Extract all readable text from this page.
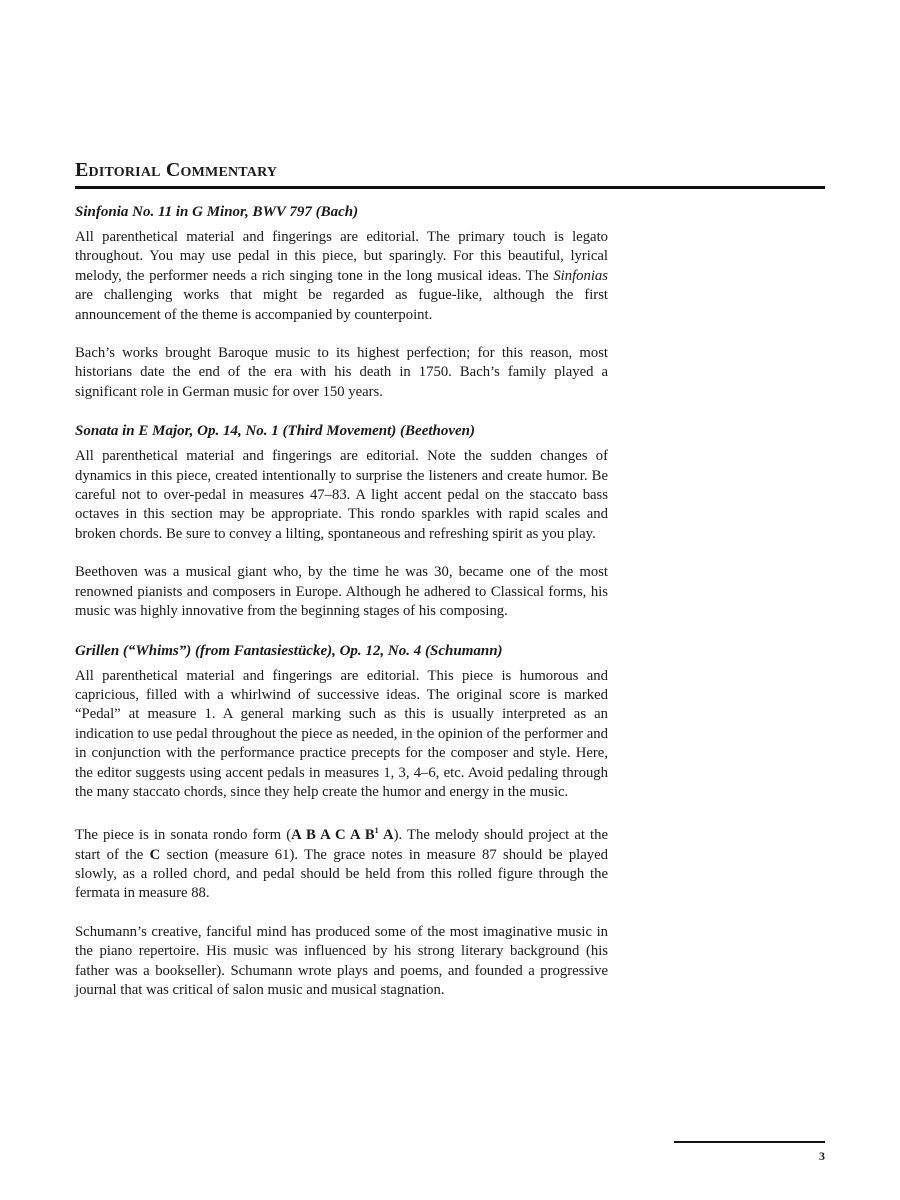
Editorial Commentary
Sinfonia No. 11 in G Minor, BWV 797 (Bach)

All parenthetical material and fingerings are editorial. The primary touch is legato throughout. You may use pedal in this piece, but sparingly. For this beautiful, lyrical melody, the performer needs a rich singing tone in the long musical ideas. The Sinfonias are challenging works that might be regarded as fugue-like, although the first announcement of the theme is accompanied by counterpoint.

Bach’s works brought Baroque music to its highest perfection; for this reason, most historians date the end of the era with his death in 1750. Bach’s family played a significant role in German music for over 150 years.

Sonata in E Major, Op. 14, No. 1 (Third Movement) (Beethoven)

All parenthetical material and fingerings are editorial. Note the sudden changes of dynamics in this piece, created intentionally to surprise the listeners and create humor. Be careful not to over-pedal in measures 47–83. A light accent pedal on the staccato bass octaves in this section may be appropriate. This rondo sparkles with rapid scales and broken chords. Be sure to convey a lilting, spontaneous and refreshing spirit as you play.

Beethoven was a musical giant who, by the time he was 30, became one of the most renowned pianists and composers in Europe. Although he adhered to Classical forms, his music was highly innovative from the beginning stages of his composing.

Grillen (“Whims”) (from Fantasiestücke), Op. 12, No. 4 (Schumann)

All parenthetical material and fingerings are editorial. This piece is humorous and capricious, filled with a whirlwind of successive ideas. The original score is marked “Pedal” at measure 1. A general marking such as this is usually interpreted as an indication to use pedal throughout the piece as needed, in the opinion of the performer and in conjunction with the performance practice precepts for the composer and style. Here, the editor suggests using accent pedals in measures 1, 3, 4–6, etc. Avoid pedaling through the many staccato chords, since they help create the humor and energy in the music.

The piece is in sonata rondo form (A B A C A $B^1$ A). The melody should project at the start of the C section (measure 61). The grace notes in measure 87 should be played slowly, as a rolled chord, and pedal should be held from this rolled figure through the fermata in measure 88.

Schumann’s creative, fanciful mind has produced some of the most imaginative music in the piano repertoire. His music was influenced by his strong literary background (his father was a bookseller). Schumann wrote plays and poems, and founded a progressive journal that was critical of salon music and musical stagnation.

3
